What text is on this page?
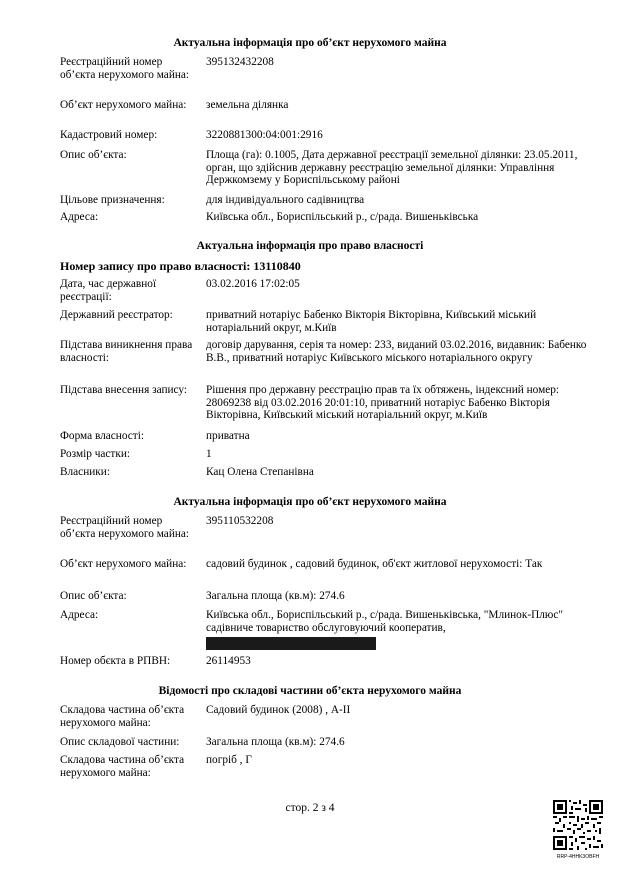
Актуальна інформація про об’єкт нерухомого майна
Реєстраційний номер об’єкта нерухомого майна:
395132432208
Об’єкт нерухомого майна:	земельна ділянка
Кадастровий номер:	3220881300:04:001:2916
Опис об’єкта:	Площа (га): 0.1005, Дата державної реєстрації земельної ділянки: 23.05.2011, орган, що здійснив державну реєстрацію земельної ділянки: Управління Держкомзему у Бориспільському районі
Цільове призначення:	для індивідуального садівництва
Адреса:	Київська обл., Бориспільський р., с/рада. Вишеньківська
Актуальна інформація про право власності
Номер запису про право власності: 13110840
Дата, час державної реєстрації:
03.02.2016 17:02:05
Державний реєстратор:	приватний нотаріус Бабенко Вікторія Вікторівна, Київський міський нотаріальний округ, м.Київ
Підстава виникнення права власності:
договір дарування, серія та номер: 233, виданий 03.02.2016, видавник: Бабенко В.В., приватний нотаріус Київського міського нотаріального округу
Підстава внесення запису:	Рішення про державну реєстрацію прав та їх обтяжень, індексний номер: 28069238 від 03.02.2016 20:01:10, приватний нотаріус Бабенко Вікторія Вікторівна, Київський міський нотаріальний округ, м.Київ
Форма власності:	приватна
Розмір частки:	1
Власники:	Кац Олена Степанівна
Актуальна інформація про об’єкт нерухомого майна
Реєстраційний номер об’єкта нерухомого майна:
395110532208
Об’єкт нерухомого майна:	садовий будинок , садовий будинок, об'єкт житлової нерухомості: Так
Опис об’єкта:	Загальна площа (кв.м): 274.6
Адреса:	Київська обл., Бориспільський р., с/рада. Вишеньківська, "Млинок-Плюс" садівниче товариство обслуговуючий кооператив,
Номер обєкта в РПВН:	26114953
Відомості про складові частини об’єкта нерухомого майна
Складова частина об’єкта нерухомого майна:
Садовий будинок (2008) , А-ІІ
Опис складової частини:	Загальна площа (кв.м): 274.6
Складова частина об’єкта нерухомого майна:
погріб , Г
стор. 2 з 4
RRP-4HHK3OBFH
